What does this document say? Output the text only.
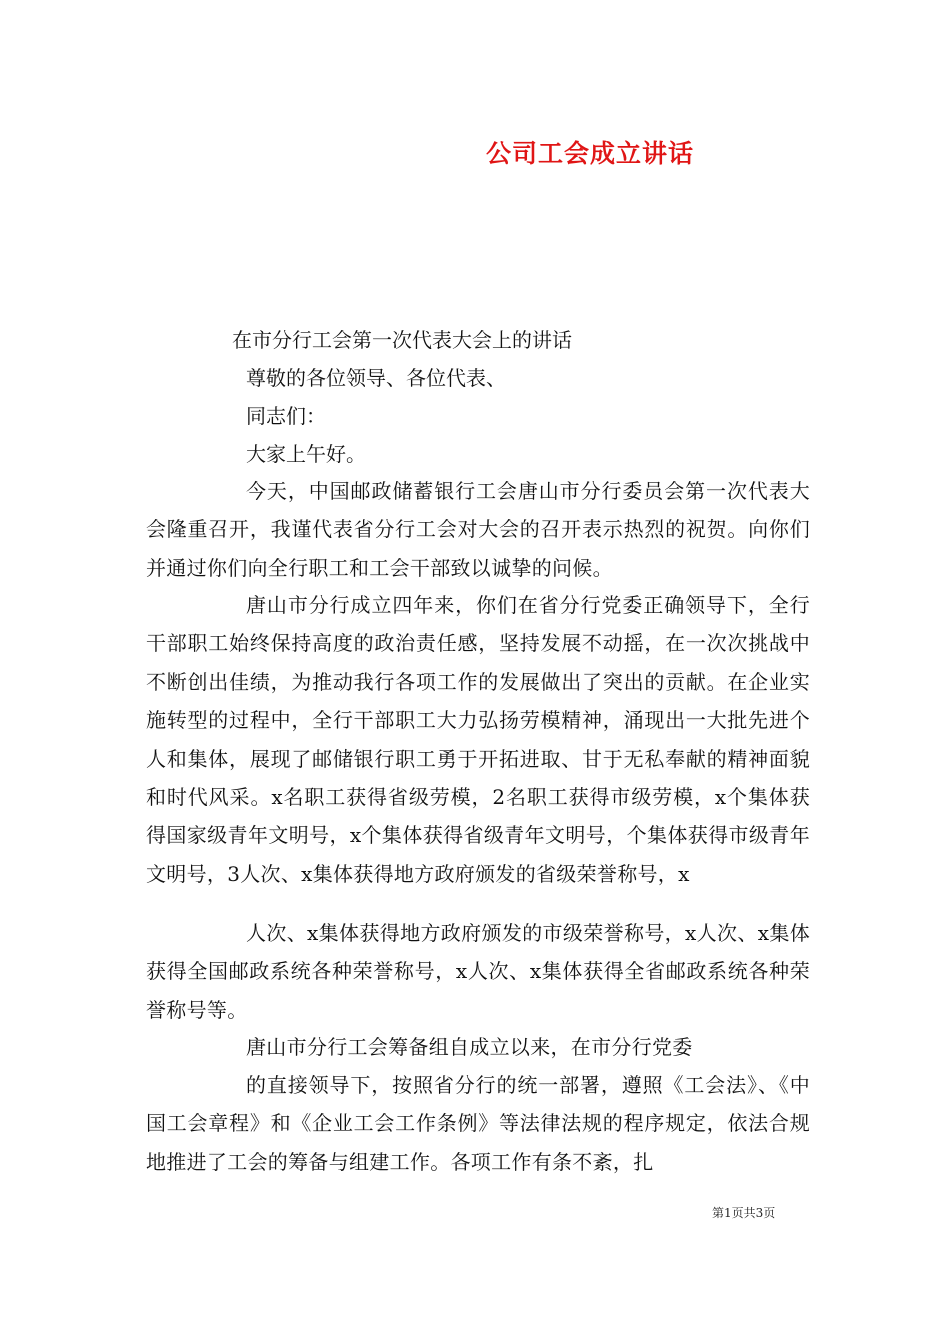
公司工会成立讲话
在市分行工会第一次代表大会上的讲话
尊敬的各位领导、各位代表、
同志们：
大家上午好。
今天，中国邮政储蓄银行工会唐山市分行委员会第一次代表大会隆重召开，我谨代表省分行工会对大会的召开表示热烈的祝贺。向你们并通过你们向全行职工和工会干部致以诚挚的问候。
唐山市分行成立四年来，你们在省分行党委正确领导下，全行干部职工始终保持高度的政治责任感，坚持发展不动摇，在一次次挑战中不断创出佳绩，为推动我行各项工作的发展做出了突出的贡献。在企业实施转型的过程中，全行干部职工大力弘扬劳模精神，涌现出一大批先进个人和集体，展现了邮储银行职工勇于开拓进取、甘于无私奉献的精神面貌和时代风采。x名职工获得省级劳模，2名职工获得市级劳模，x个集体获得国家级青年文明号，x个集体获得省级青年文明号，个集体获得市级青年文明号，3人次、x集体获得地方政府颁发的省级荣誉称号，x
人次、x集体获得地方政府颁发的市级荣誉称号，x人次、x集体获得全国邮政系统各种荣誉称号，x人次、x集体获得全省邮政系统各种荣誉称号等。
唐山市分行工会筹备组自成立以来，在市分行党委
的直接领导下，按照省分行的统一部署，遵照《工会法》、《中国工会章程》和《企业工会工作条例》等法律法规的程序规定，依法合规地推进了工会的筹备与组建工作。各项工作有条不紊，扎
第1页共3页
